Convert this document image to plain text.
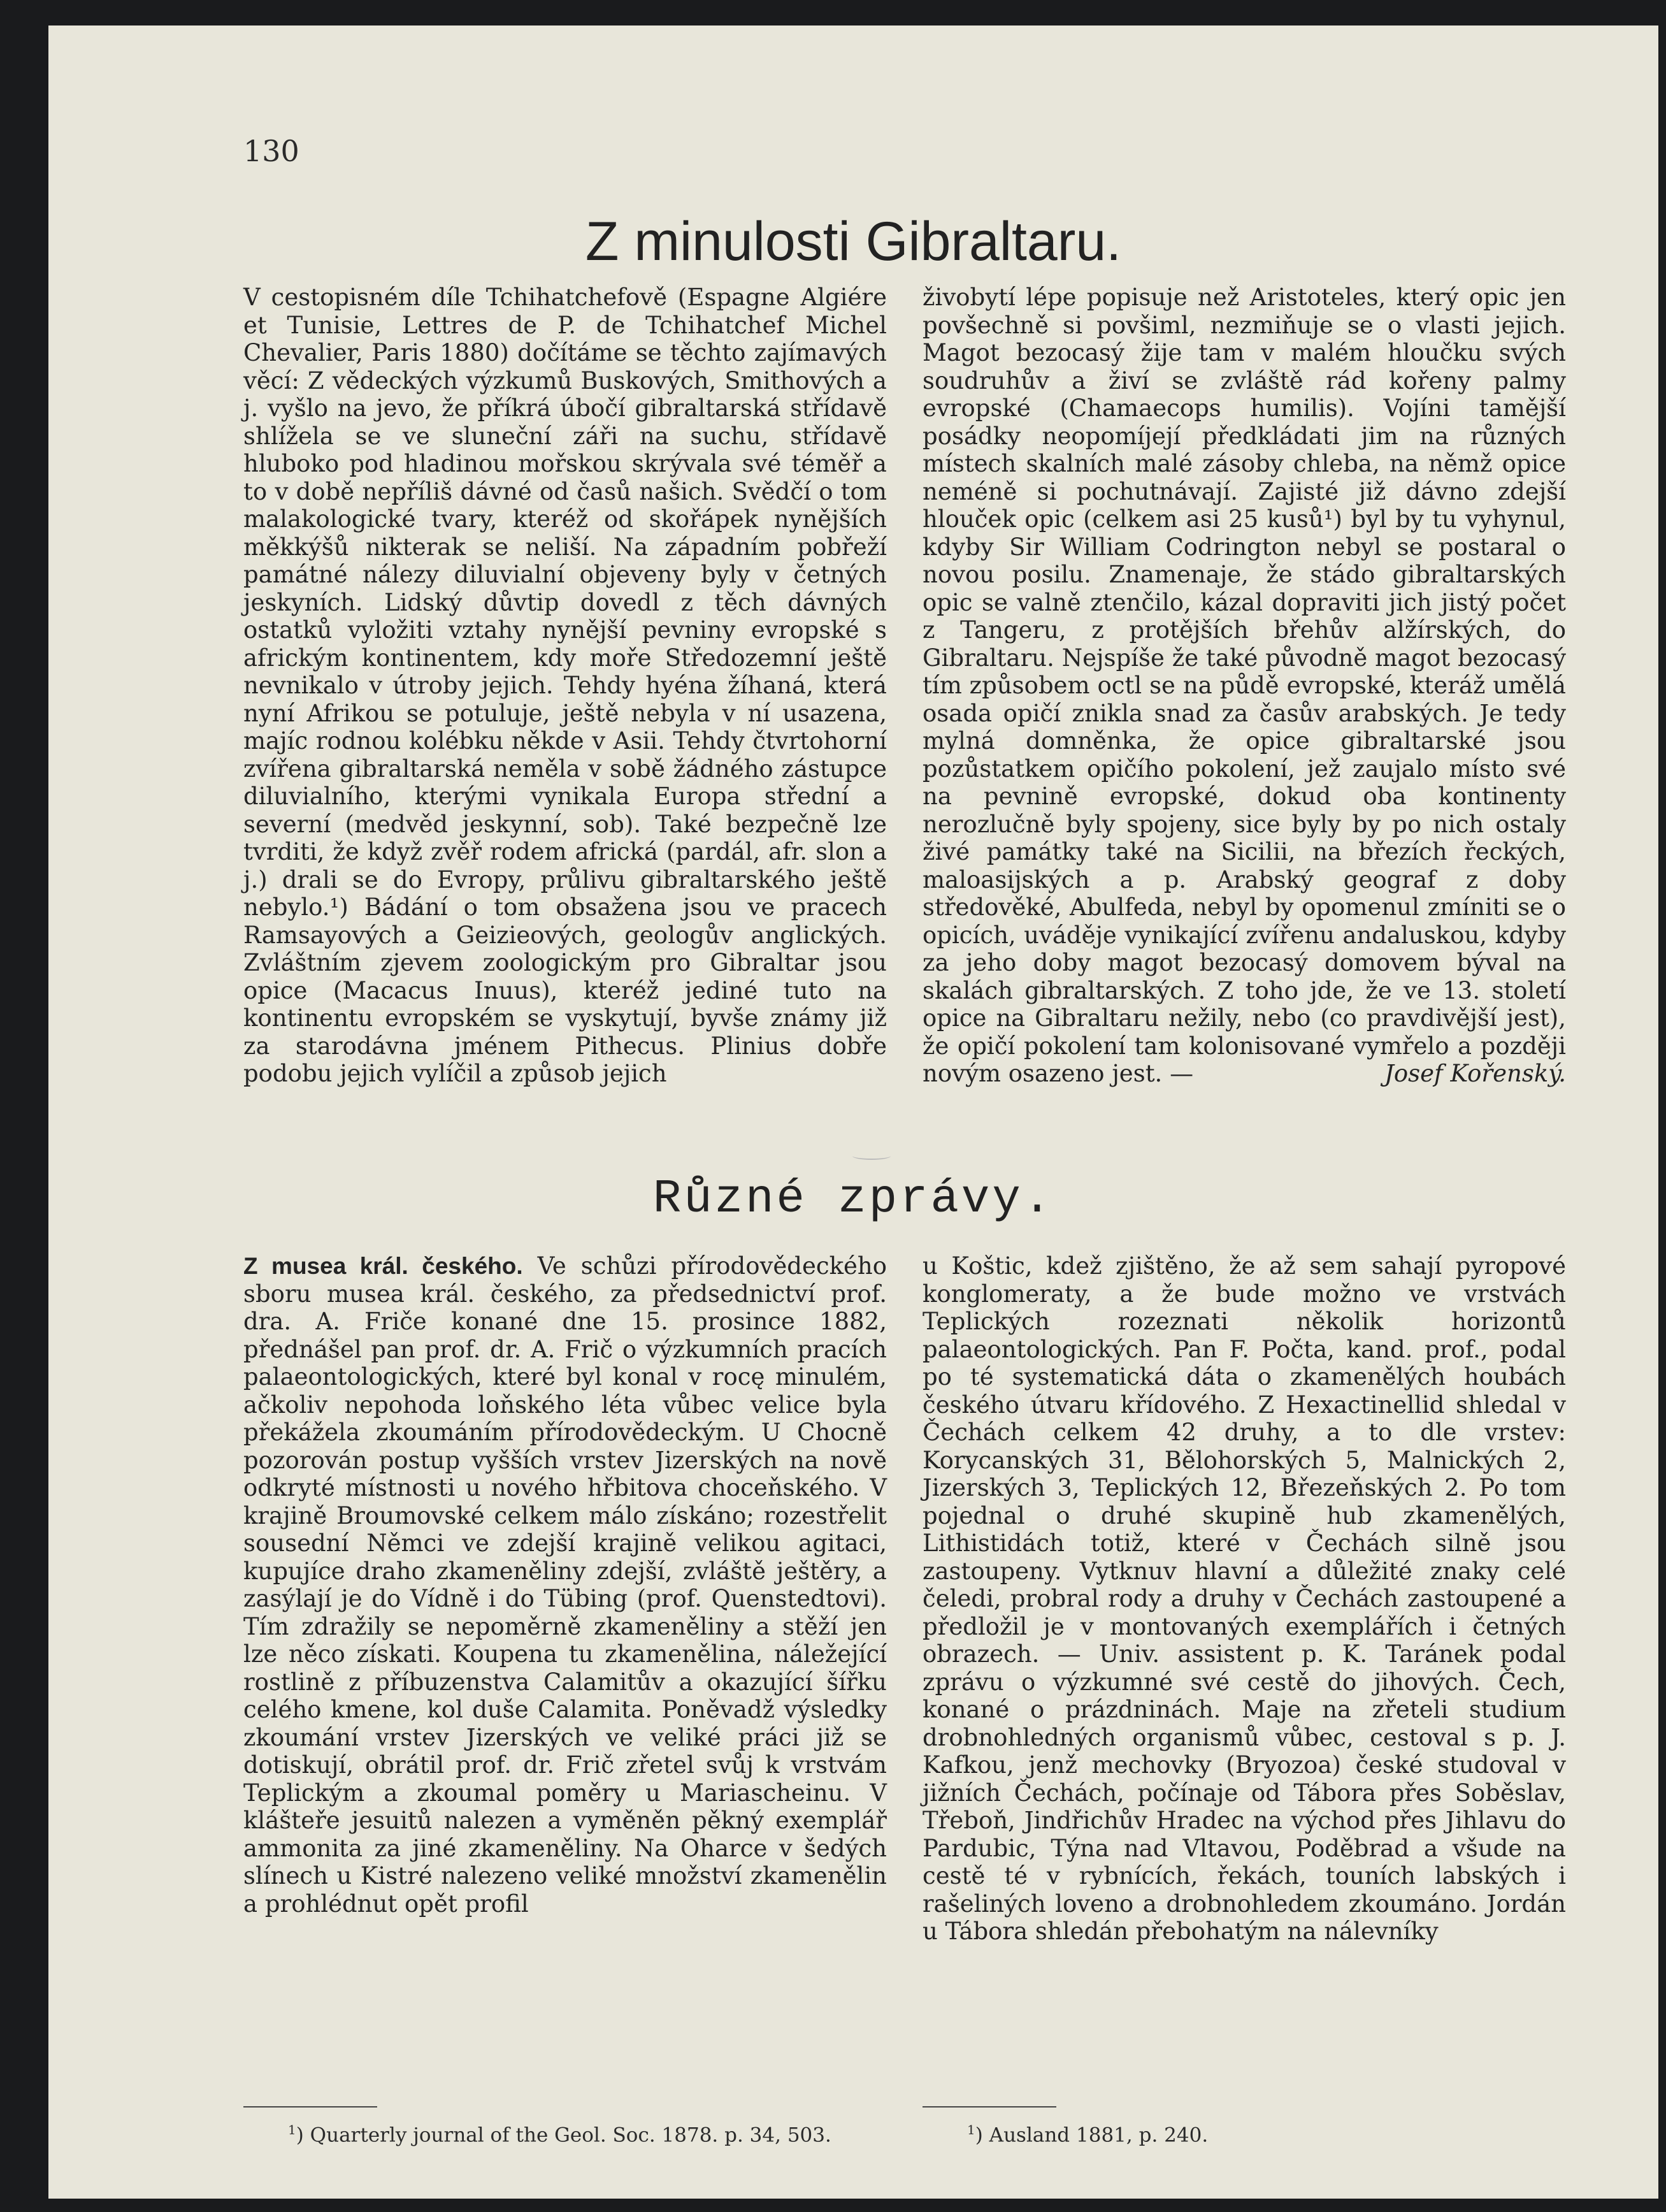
130
Z minulosti Gibraltaru.

V cestopisném díle Tchihatchefově (Espagne Algiére et Tunisie, Lettres de P. de Tchihatchef Michel Chevalier, Paris 1880) dočítáme se těchto zajímavých věcí: Z vědeckých výzkumů Buskových, Smithových a j. vyšlo na jevo, že příkrá úbočí gibraltarská střídavě shlížela se ve sluneční záři na suchu, střídavě hluboko pod hladinou mořskou skrývala své téměř a to v době nepříliš dávné od časů našich. Svědčí o tom malakologické tvary, kteréž od skořápek nynějších měkkýšů nikterak se neliší. Na západním pobřeží památné nálezy diluvialní objeveny byly v četných jeskyních. Lidský důvtip dovedl z těch dávných ostatků vyložiti vztahy nynější pevniny evropské s africkým kontinentem, kdy moře Středozemní ještě nevnikalo v útroby jejich. Tehdy hyéna žíhaná, která nyní Afrikou se potuluje, ještě nebyla v ní usazena, majíc rodnou kolébku někde v Asii. Tehdy čtvrtohorní zvířena gibraltarská neměla v sobě žádného zástupce diluvialního, kterými vynikala Europa střední a severní (medvěd jeskynní, sob). Také bezpečně lze tvrditi, že když zvěř rodem africká (pardál, afr. slon a j.) drali se do Evropy, průlivu gibraltarského ještě nebylo.¹) Bádání o tom obsažena jsou ve pracech Ramsayových a Geizieových, geologův anglických. Zvláštním zjevem zoologickým pro Gibraltar jsou opice (Macacus Inuus), kteréž jediné tuto na kontinentu evropském se vyskytují, byvše známy již za starodávna jménem Pithecus. Plinius dobře podobu jejich vylíčil a způsob jejich

živobytí lépe popisuje než Aristoteles, který opic jen povšechně si povšiml, nezmiňuje se o vlasti jejich. Magot bezocasý žije tam v malém hloučku svých soudruhův a živí se zvláště rád kořeny palmy evropské (Chamaecops humilis). Vojíni tamější posádky neopomíjejí předkládati jim na různých místech skalních malé zásoby chleba, na němž opice neméně si pochutnávají. Zajisté již dávno zdejší hlouček opic (celkem asi 25 kusů¹) byl by tu vyhynul, kdyby Sir William Codrington nebyl se postaral o novou posilu. Znamenaje, že stádo gibraltarských opic se valně ztenčilo, kázal dopraviti jich jistý počet z Tangeru, z protějších břehův alžírských, do Gibraltaru. Nejspíše že také původně magot bezocasý tím způsobem octl se na půdě evropské, kteráž umělá osada opičí znikla snad za časův arabských. Je tedy mylná domněnka, že opice gibraltarské jsou pozůstatkem opičího pokolení, jež zaujalo místo své na pevnině evropské, dokud oba kontinenty nerozlučně byly spojeny, sice byly by po nich ostaly živé památky také na Sicilii, na březích řeckých, maloasijských a p. Arabský geograf z doby středověké, Abulfeda, nebyl by opomenul zmíniti se o opicích, uváděje vynikající zvířenu andaluskou, kdyby za jeho doby magot bezocasý domovem býval na skalách gibraltarských. Z toho jde, že ve 13. století opice na Gibraltaru nežily, nebo (co pravdivější jest), že opičí pokolení tam kolonisované vymřelo a později novým osazeno jest. —	Josef Kořenský.

Různé zprávy.

Z musea král. českého. Ve schůzi přírodovědeckého sboru musea král. českého, za předsednictví prof. dra. A. Friče konané dne 15. prosince 1882, přednášel pan prof. dr. A. Frič o výzkumních pracích palaeontologických, které byl konal v rocę minulém, ačkoliv nepohoda loňského léta vůbec velice byla překážela zkoumáním přírodovědeckým. U Chocně pozorován postup vyšších vrstev Jizerských na nově odkryté místnosti u nového hřbitova choceňského. V krajině Broumovské celkem málo získáno; rozestřelit sousední Němci ve zdejší krajině velikou agitaci, kupujíce draho zkameněliny zdejší, zvláště ještěry, a zasýlají je do Vídně i do Tübing (prof. Quenstedtovi). Tím zdražily se nepoměrně zkameněliny a stěží jen lze něco získati. Koupena tu zkamenělina, náležející rostlině z příbuzenstva Calamitův a okazující šířku celého kmene, kol duše Calamita. Poněvadž výsledky zkoumání vrstev Jizerských ve veliké práci již se dotiskují, obrátil prof. dr. Frič zřetel svůj k vrstvám Teplickým a zkoumal poměry u Mariascheinu. V klášteře jesuitů nalezen a vyměněn pěkný exemplář ammonita za jiné zkameněliny. Na Oharce v šedých slínech u Kistré nalezeno veliké množství zkamenělin a prohlédnut opět profil

u Koštic, kdež zjištěno, že až sem sahají pyropové konglomeraty, a že bude možno ve vrstvách Teplických rozeznati několik horizontů palaeontologických. Pan F. Počta, kand. prof., podal po té systematická dáta o zkamenělých houbách českého útvaru křídového. Z Hexactinellid shledal v Čechách celkem 42 druhy, a to dle vrstev: Korycanských 31, Bělohorských 5, Malnických 2, Jizerských 3, Teplických 12, Březeňských 2. Po tom pojednal o druhé skupině hub zkamenělých, Lithistidách totiž, které v Čechách silně jsou zastoupeny. Vytknuv hlavní a důležité znaky celé čeledi, probral rody a druhy v Čechách zastoupené a předložil je v montovaných exemplářích i četných obrazech. — Univ. assistent p. K. Taránek podal zprávu o výzkumné své cestě do jihových. Čech, konané o prázdninách. Maje na zřeteli studium drobnohledných organismů vůbec, cestoval s p. J. Kafkou, jenž mechovky (Bryozoa) české studoval v jižních Čechách, počínaje od Tábora přes Soběslav, Třeboň, Jindřichův Hradec na východ přes Jihlavu do Pardubic, Týna nad Vltavou, Poděbrad a všude na cestě té v rybnících, řekách, touních labských i rašeliných loveno a drobnohledem zkoumáno. Jordán u Tábora shledán přebohatým na nálevníky

$^1$) Quarterly journal of the Geol. Soc. 1878. p. 34, 503.	$^1$) Ausland 1881, p. 240.
